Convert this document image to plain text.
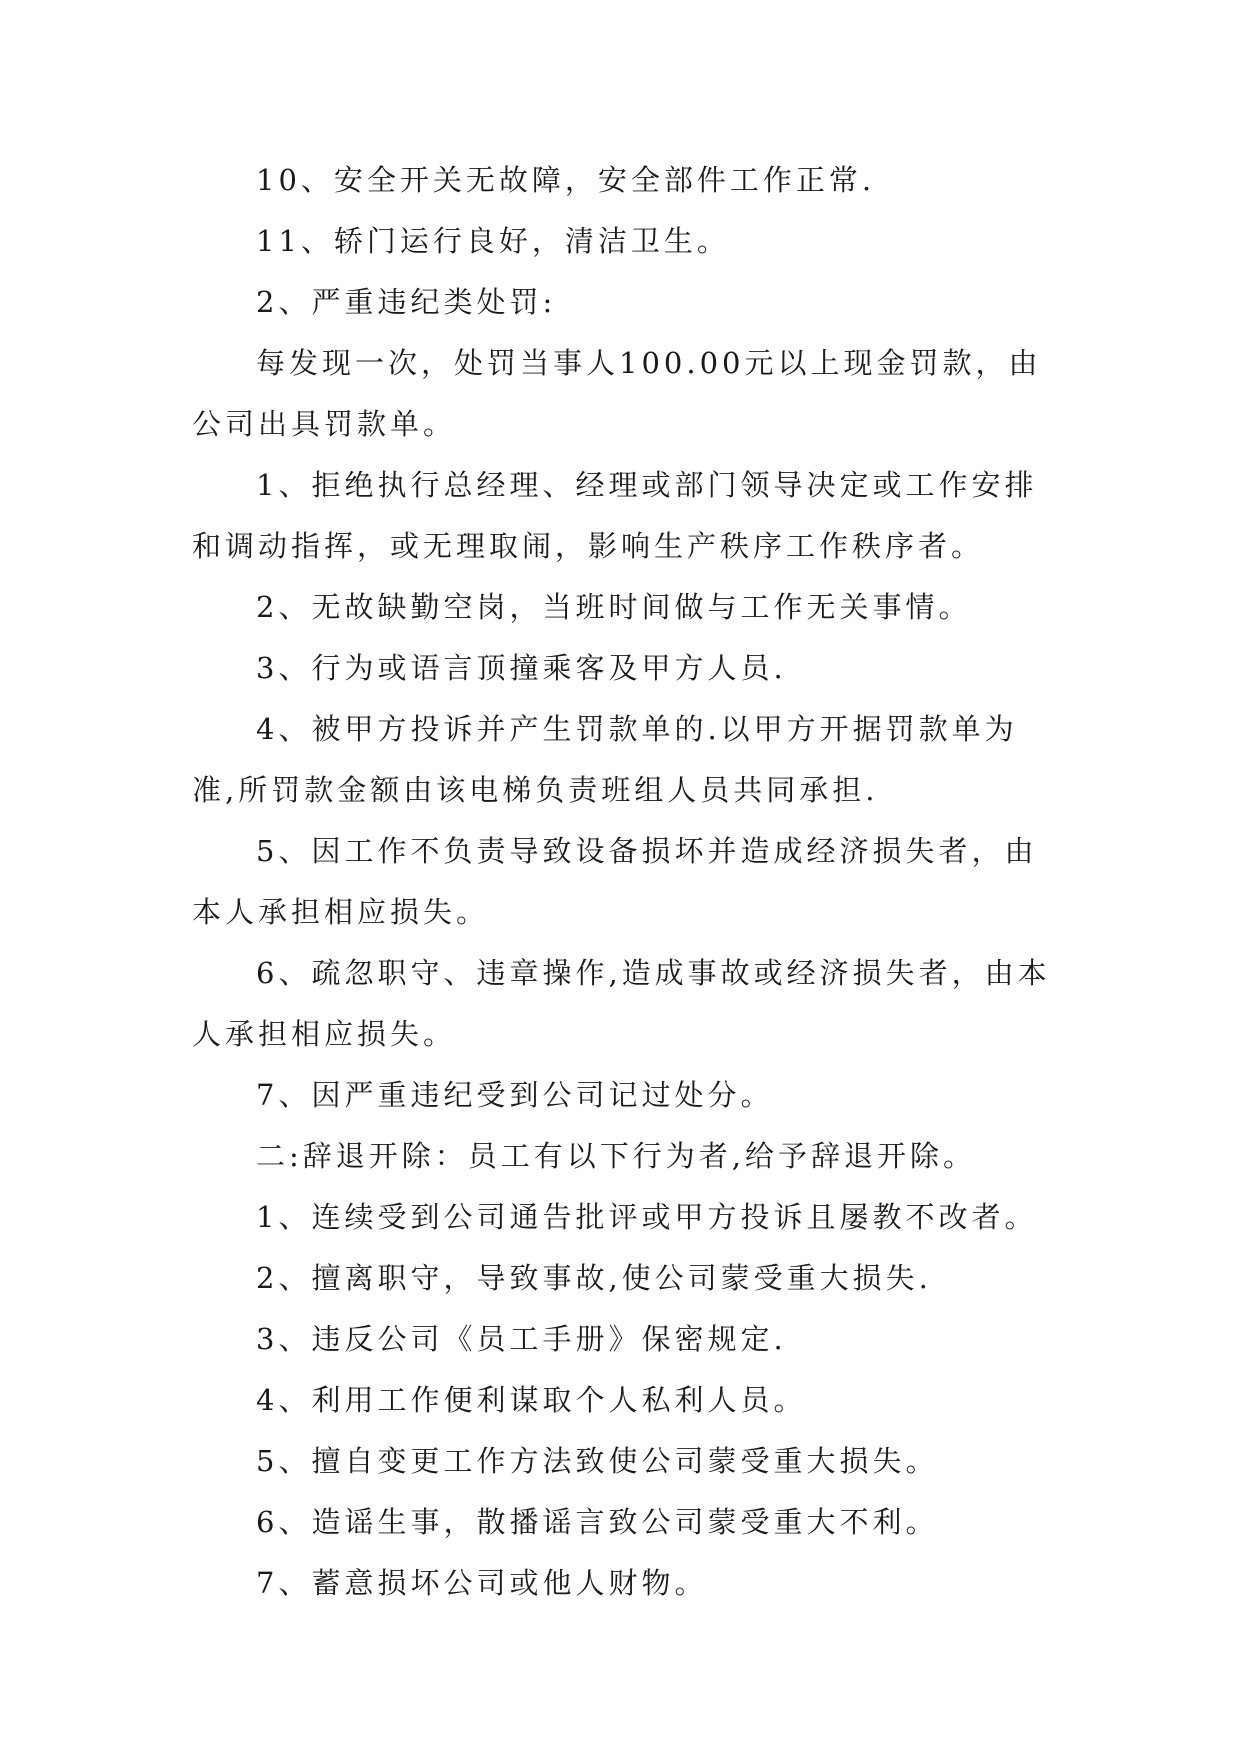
10、安全开关无故障，安全部件工作正常.

11、轿门运行良好，清洁卫生。

2、严重违纪类处罚:

每发现一次，处罚当事人100.00元以上现金罚款，由公司出具罚款单。

1、拒绝执行总经理、经理或部门领导决定或工作安排和调动指挥，或无理取闹，影响生产秩序工作秩序者。

2、无故缺勤空岗，当班时间做与工作无关事情。

3、行为或语言顶撞乘客及甲方人员.

4、被甲方投诉并产生罚款单的.以甲方开据罚款单为准,所罚款金额由该电梯负责班组人员共同承担.

5、因工作不负责导致设备损坏并造成经济损失者，由本人承担相应损失。

6、疏忽职守、违章操作,造成事故或经济损失者，由本人承担相应损失。

7、因严重违纪受到公司记过处分。

二:辞退开除：员工有以下行为者,给予辞退开除。

1、连续受到公司通告批评或甲方投诉且屡教不改者。

2、擅离职守，导致事故,使公司蒙受重大损失.

3、违反公司《员工手册》保密规定.

4、利用工作便利谋取个人私利人员。

5、擅自变更工作方法致使公司蒙受重大损失。

6、造谣生事，散播谣言致公司蒙受重大不利。

7、蓄意损坏公司或他人财物。
